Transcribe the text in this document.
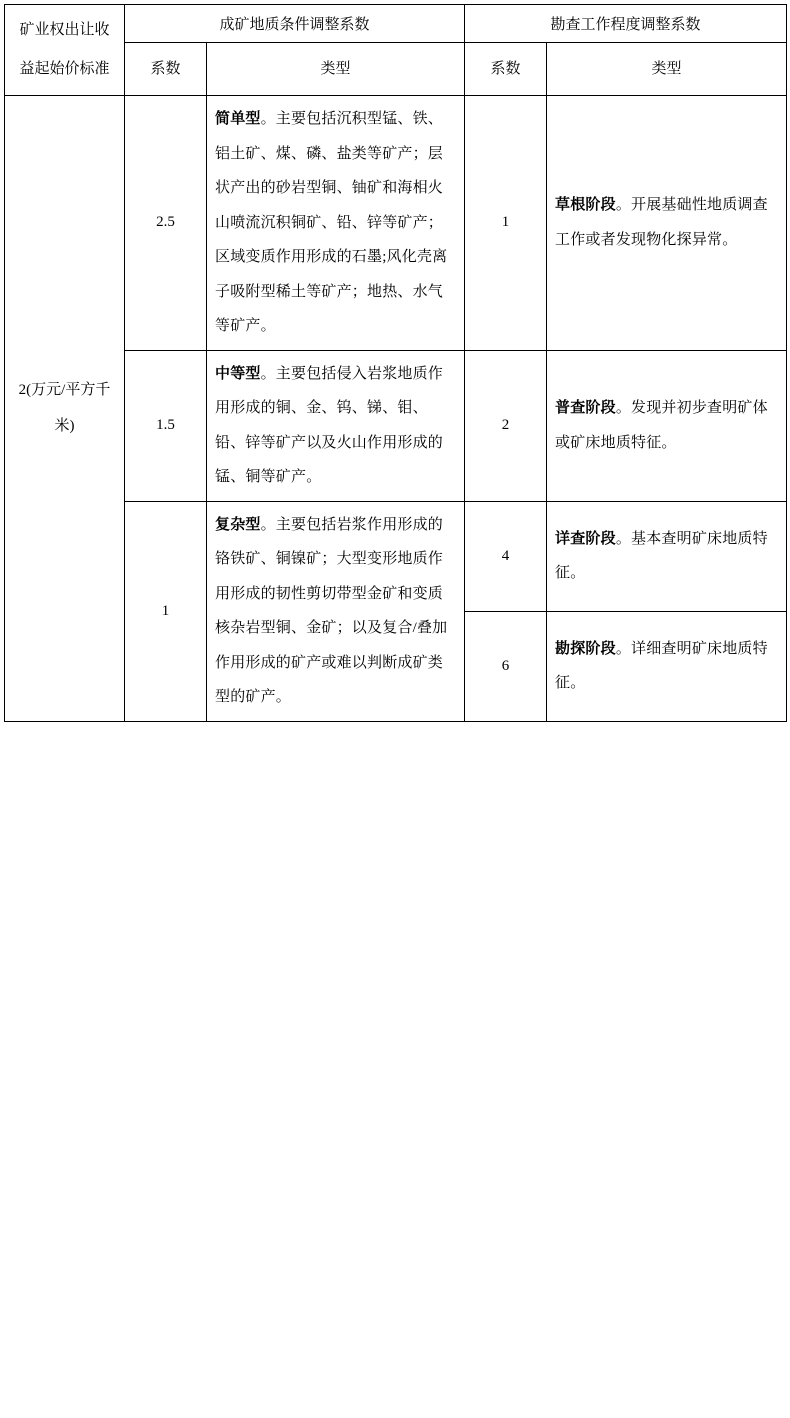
矿业权出让收益起始价标准	成矿地质条件调整系数		勘查工作程度调整系数	
	系数	类型	系数	类型
2(万元/平方千米)	2.5	简单型。主要包括沉积型锰、铁、铝土矿、煤、磷、盐类等矿产；层状产出的砂岩型铜、铀矿和海相火山喷流沉积铜矿、铅、锌等矿产；区域变质作用形成的石墨;风化壳离子吸附型稀土等矿产；地热、水气等矿产。	1	草根阶段。开展基础性地质调查工作或者发现物化探异常。
	1.5	中等型。主要包括侵入岩浆地质作用形成的铜、金、钨、锑、钼、铅、锌等矿产以及火山作用形成的锰、铜等矿产。	2	普查阶段。发现并初步查明矿体或矿床地质特征。
	1	复杂型。主要包括岩浆作用形成的铬铁矿、铜镍矿；大型变形地质作用形成的韧性剪切带型金矿和变质核杂岩型铜、金矿；以及复合/叠加作用形成的矿产或难以判断成矿类型的矿产。	4	详查阶段。基本查明矿床地质特征。
			6	勘探阶段。详细查明矿床地质特征。
